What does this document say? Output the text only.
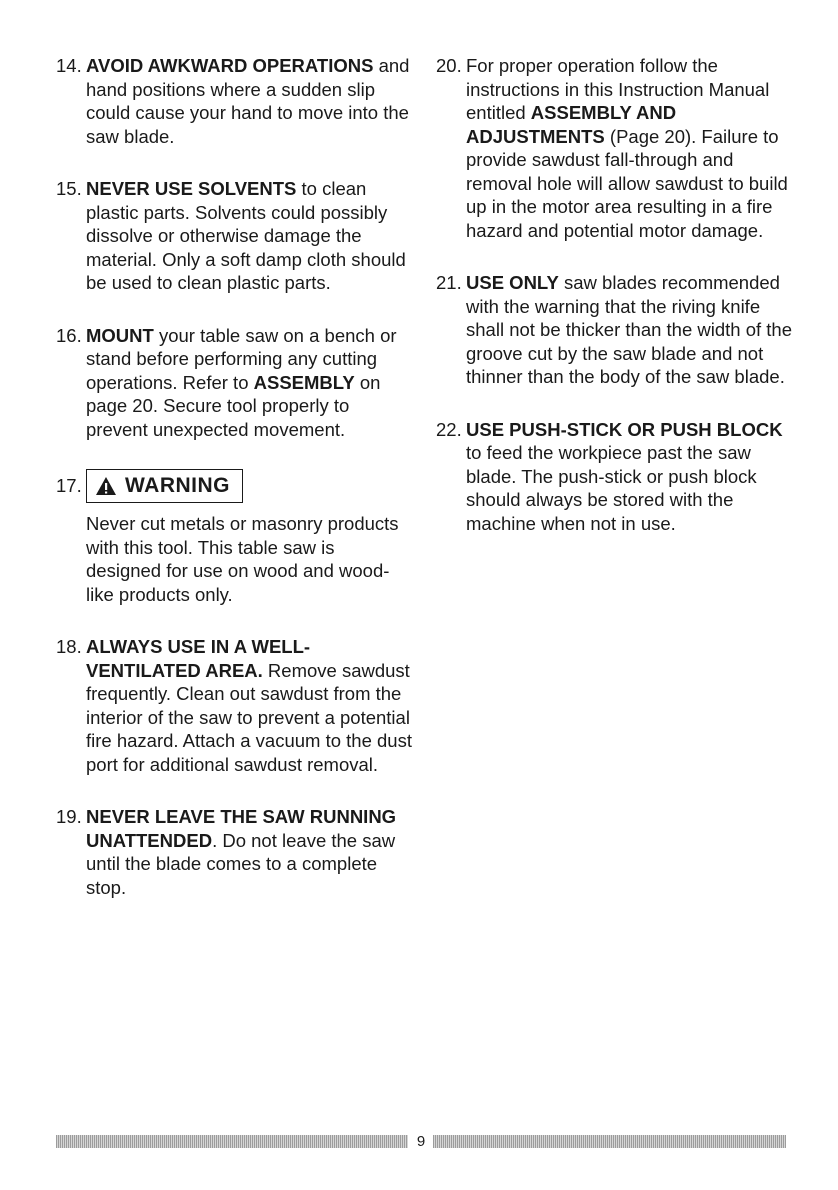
14. AVOID AWKWARD OPERATIONS and hand positions where a sudden slip could cause your hand to move into the saw blade.
15. NEVER USE SOLVENTS to clean plastic parts. Solvents could possibly dissolve or otherwise damage the material. Only a soft damp cloth should be used to clean plastic parts.
16. MOUNT your table saw on a bench or stand before performing any cutting operations. Refer to ASSEMBLY on page 20. Secure tool properly to prevent unexpected movement.
17. WARNING
Never cut metals or masonry products with this tool. This table saw is designed for use on wood and wood-like products only.
18. ALWAYS USE IN A WELL-VENTILATED AREA. Remove sawdust frequently. Clean out sawdust from the interior of the saw to prevent a potential fire hazard. Attach a vacuum to the dust port for additional sawdust removal.
19. NEVER LEAVE THE SAW RUNNING UNATTENDED. Do not leave the saw until the blade comes to a complete stop.
20. For proper operation follow the instructions in this Instruction Manual entitled ASSEMBLY AND ADJUSTMENTS (Page 20). Failure to provide sawdust fall-through and removal hole will allow sawdust to build up in the motor area resulting in a fire hazard and potential motor damage.
21. USE ONLY saw blades recommended with the warning that the riving knife shall not be thicker than the width of the groove cut by the saw blade and not thinner than the body of the saw blade.
22. USE PUSH-STICK OR PUSH BLOCK to feed the workpiece past the saw blade. The push-stick or push block should always be stored with the machine when not in use.
9
